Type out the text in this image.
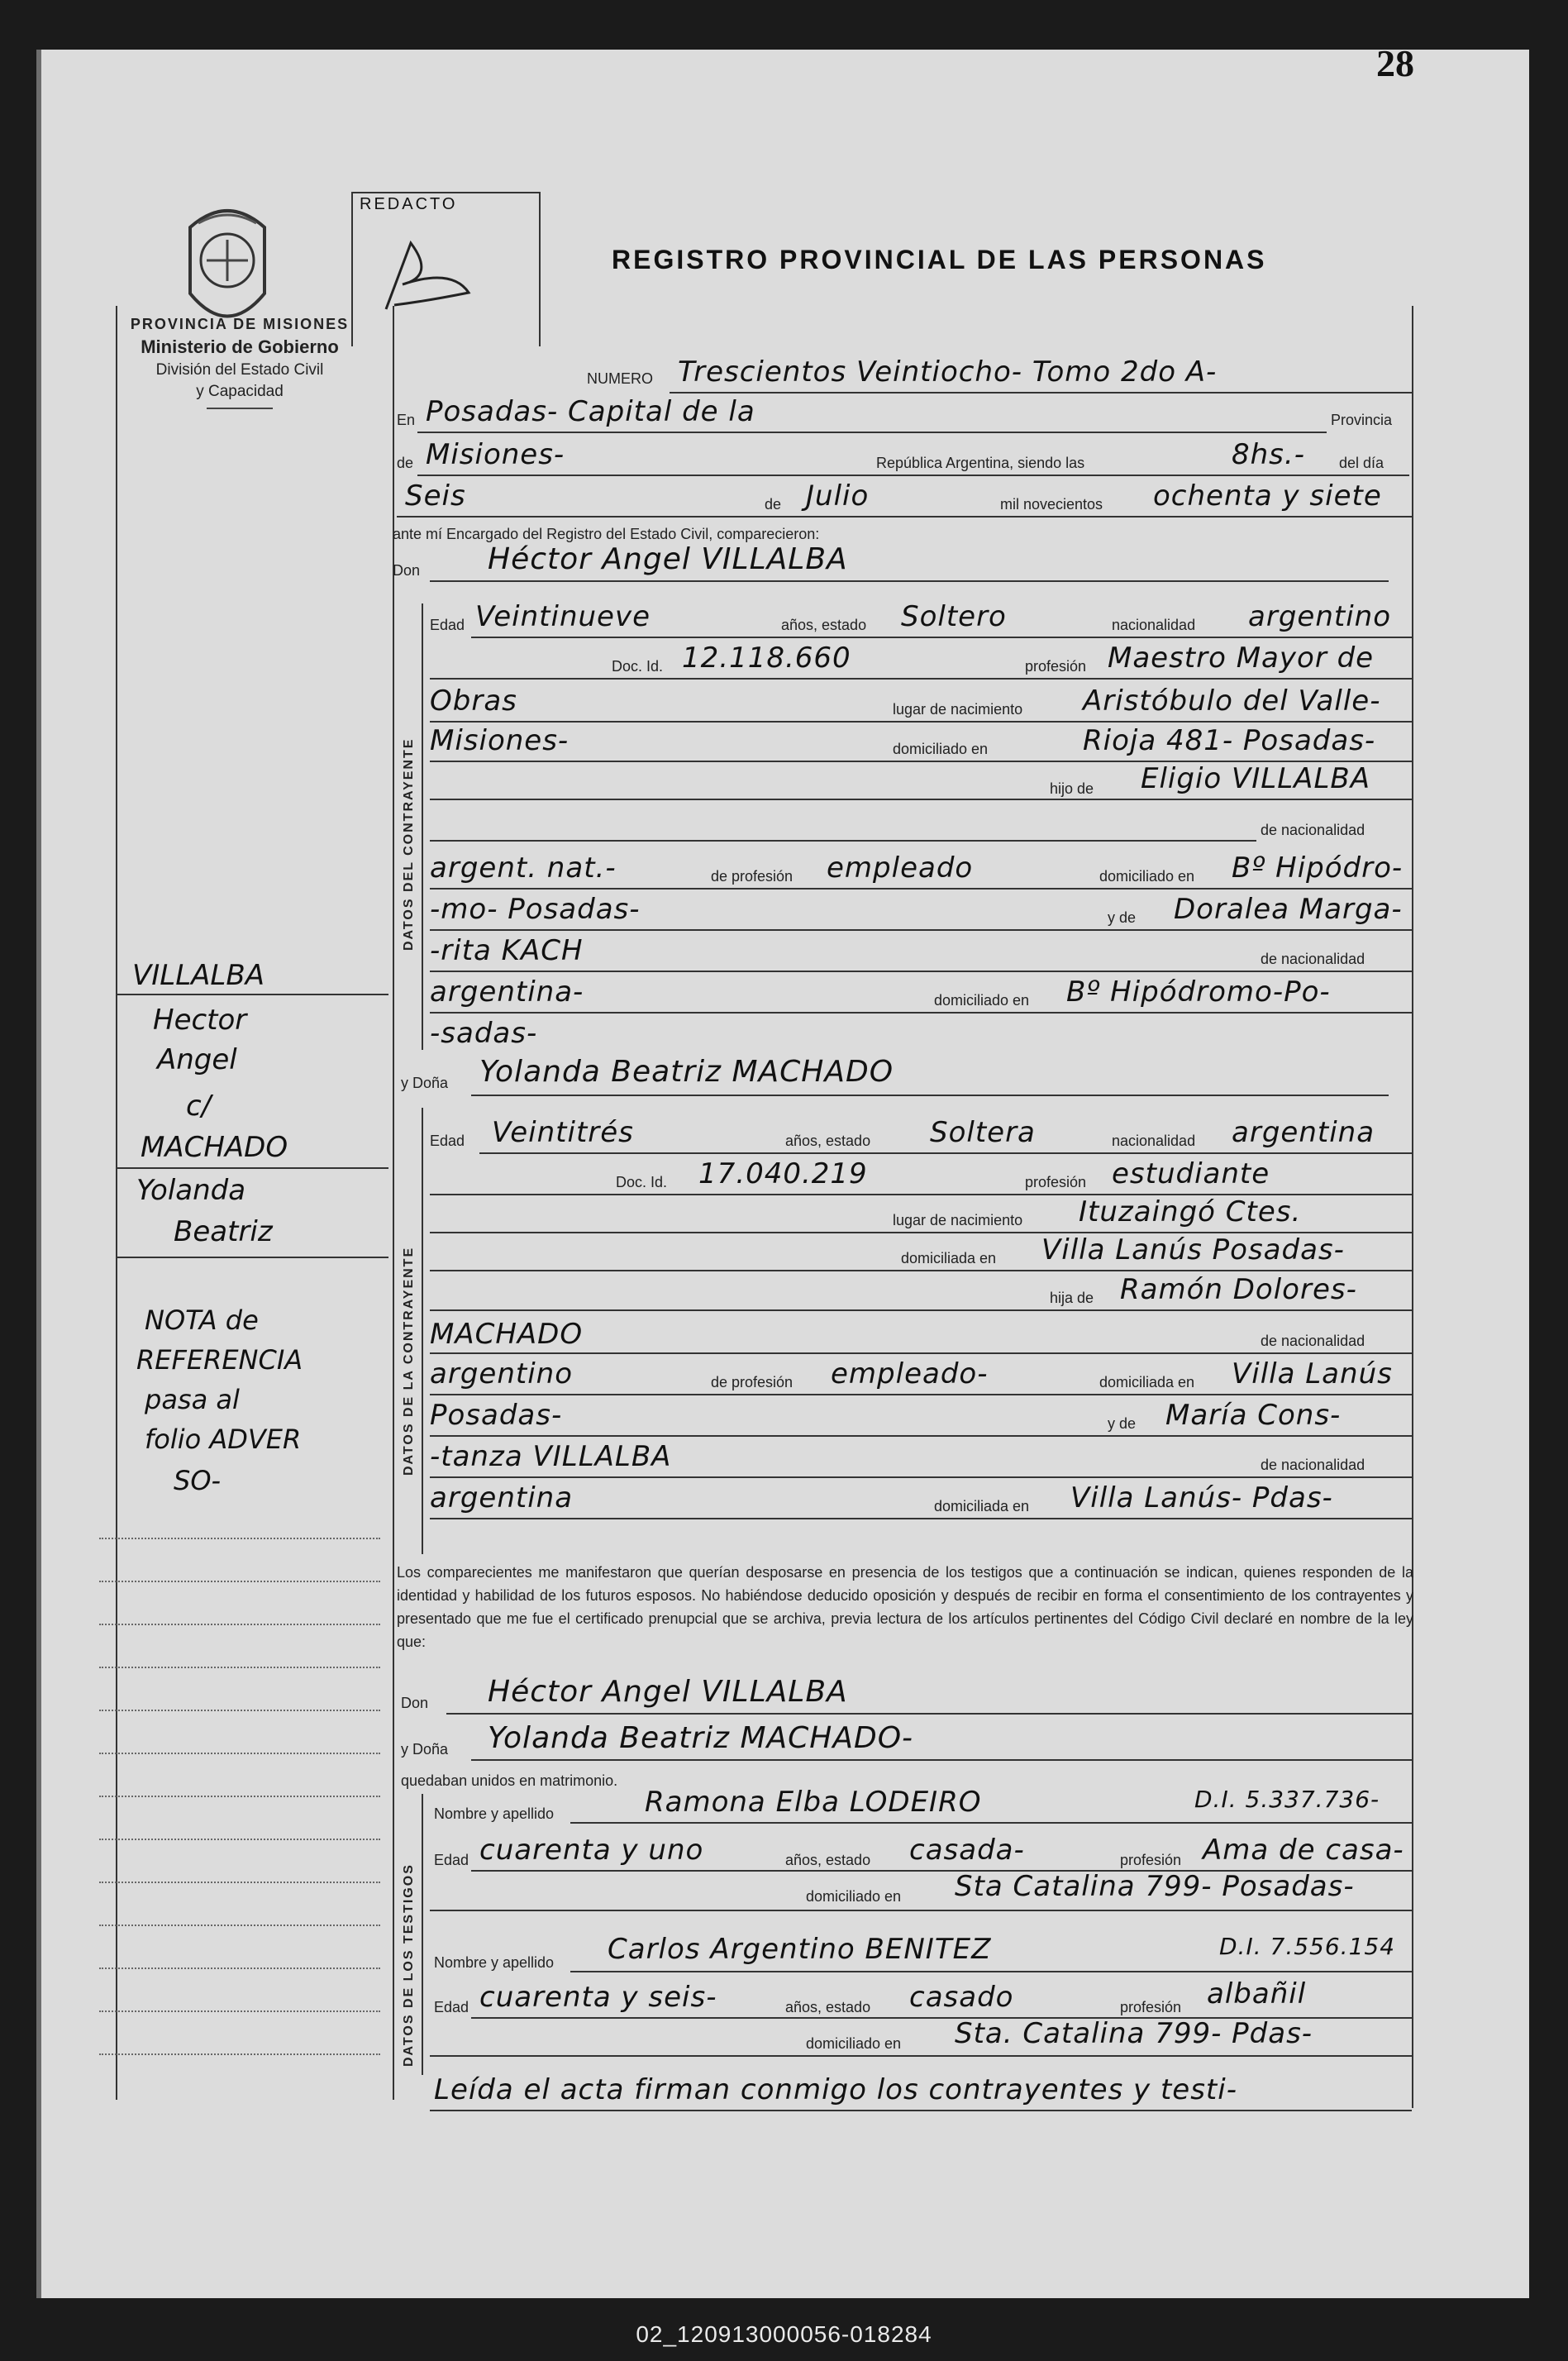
28
PROVINCIA DE MISIONES
Ministerio de Gobierno
División del Estado Civil
y Capacidad
REDACTO
REGISTRO PROVINCIAL DE LAS PERSONAS
NUMERO Trescientos Veintiocho- Tomo 2do A-
En Posadas- Capital de la	Provincia
de Misiones-	República Argentina, siendo las	8hs.- del día
Seis	de Julio	mil novecientos ochenta y siete
ante mí Encargado del Registro del Estado Civil, comparecieron:
Don Héctor Angel VILLALBA
DATOS DEL CONTRAYENTE
Edad Veintinueve	años, estado Soltero	nacionalidad argentino
Doc. Id. 12.118.660	profesión Maestro Mayor de
Obras	lugar de nacimiento Aristóbulo del Valle-
Misiones-	domiciliado en	Rioja 481- Posadas-
hijo de Eligio VILLALBA
de nacionalidad
argent. nat.-	de profesión empleado	domiciliado en Bº Hipódro-
-mo- Posadas-	y de Doralea Marga-
-rita KACH	de nacionalidad
argentina-	domiciliado en Bº Hipódromo-Po-
-sadas-
y Doña Yolanda Beatriz MACHADO
DATOS DE LA CONTRAYENTE
Edad Veintitrés	años, estado Soltera	nacionalidad argentina
Doc. Id. 17.040.219	profesión estudiante
lugar de nacimiento Ituzaingó Ctes.
domiciliada en Villa Lanús Posadas-
hija de Ramón Dolores-
MACHADO	de nacionalidad
argentino	de profesión empleado-	domiciliada en Villa Lanús
Posadas-	y de María Cons-
-tanza VILLALBA	de nacionalidad
argentina	domiciliada en Villa Lanús- Pdas-
Los comparecientes me manifestaron que querían desposarse en presencia de los testigos que a continuación se indican, quienes responden de la identidad y habilidad de los futuros esposos. No habiéndose deducido oposición y después de recibir en forma el consentimiento de los contrayentes y presentado que me fue el certificado prenupcial que se archiva, previa lectura de los artículos pertinentes del Código Civil declaré en nombre de la ley que:
Don Héctor Angel VILLALBA
y Doña Yolanda Beatriz MACHADO-
quedaban unidos en matrimonio.
DATOS DE LOS TESTIGOS
Nombre y apellido	Ramona Elba LODEIRO	D.I. 5.337.736-
Edad cuarenta y uno	años, estado casada-	profesión Ama de casa-
domiciliado en Sta Catalina 799- Posadas-
Nombre y apellido Carlos Argentino BENITEZ	D.I. 7.556.154
Edad cuarenta y seis-	años, estado casado	profesión albañil
domiciliado en Sta. Catalina 799- Pdas-
Leída el acta firman conmigo los contrayentes y testi-
VILLALBA
Hector
Angel
c/
MACHADO
Yolanda
Beatriz
NOTA de
REFERENCIA
pasa al
folio ADVER
SO-
02_120913000056-018284
